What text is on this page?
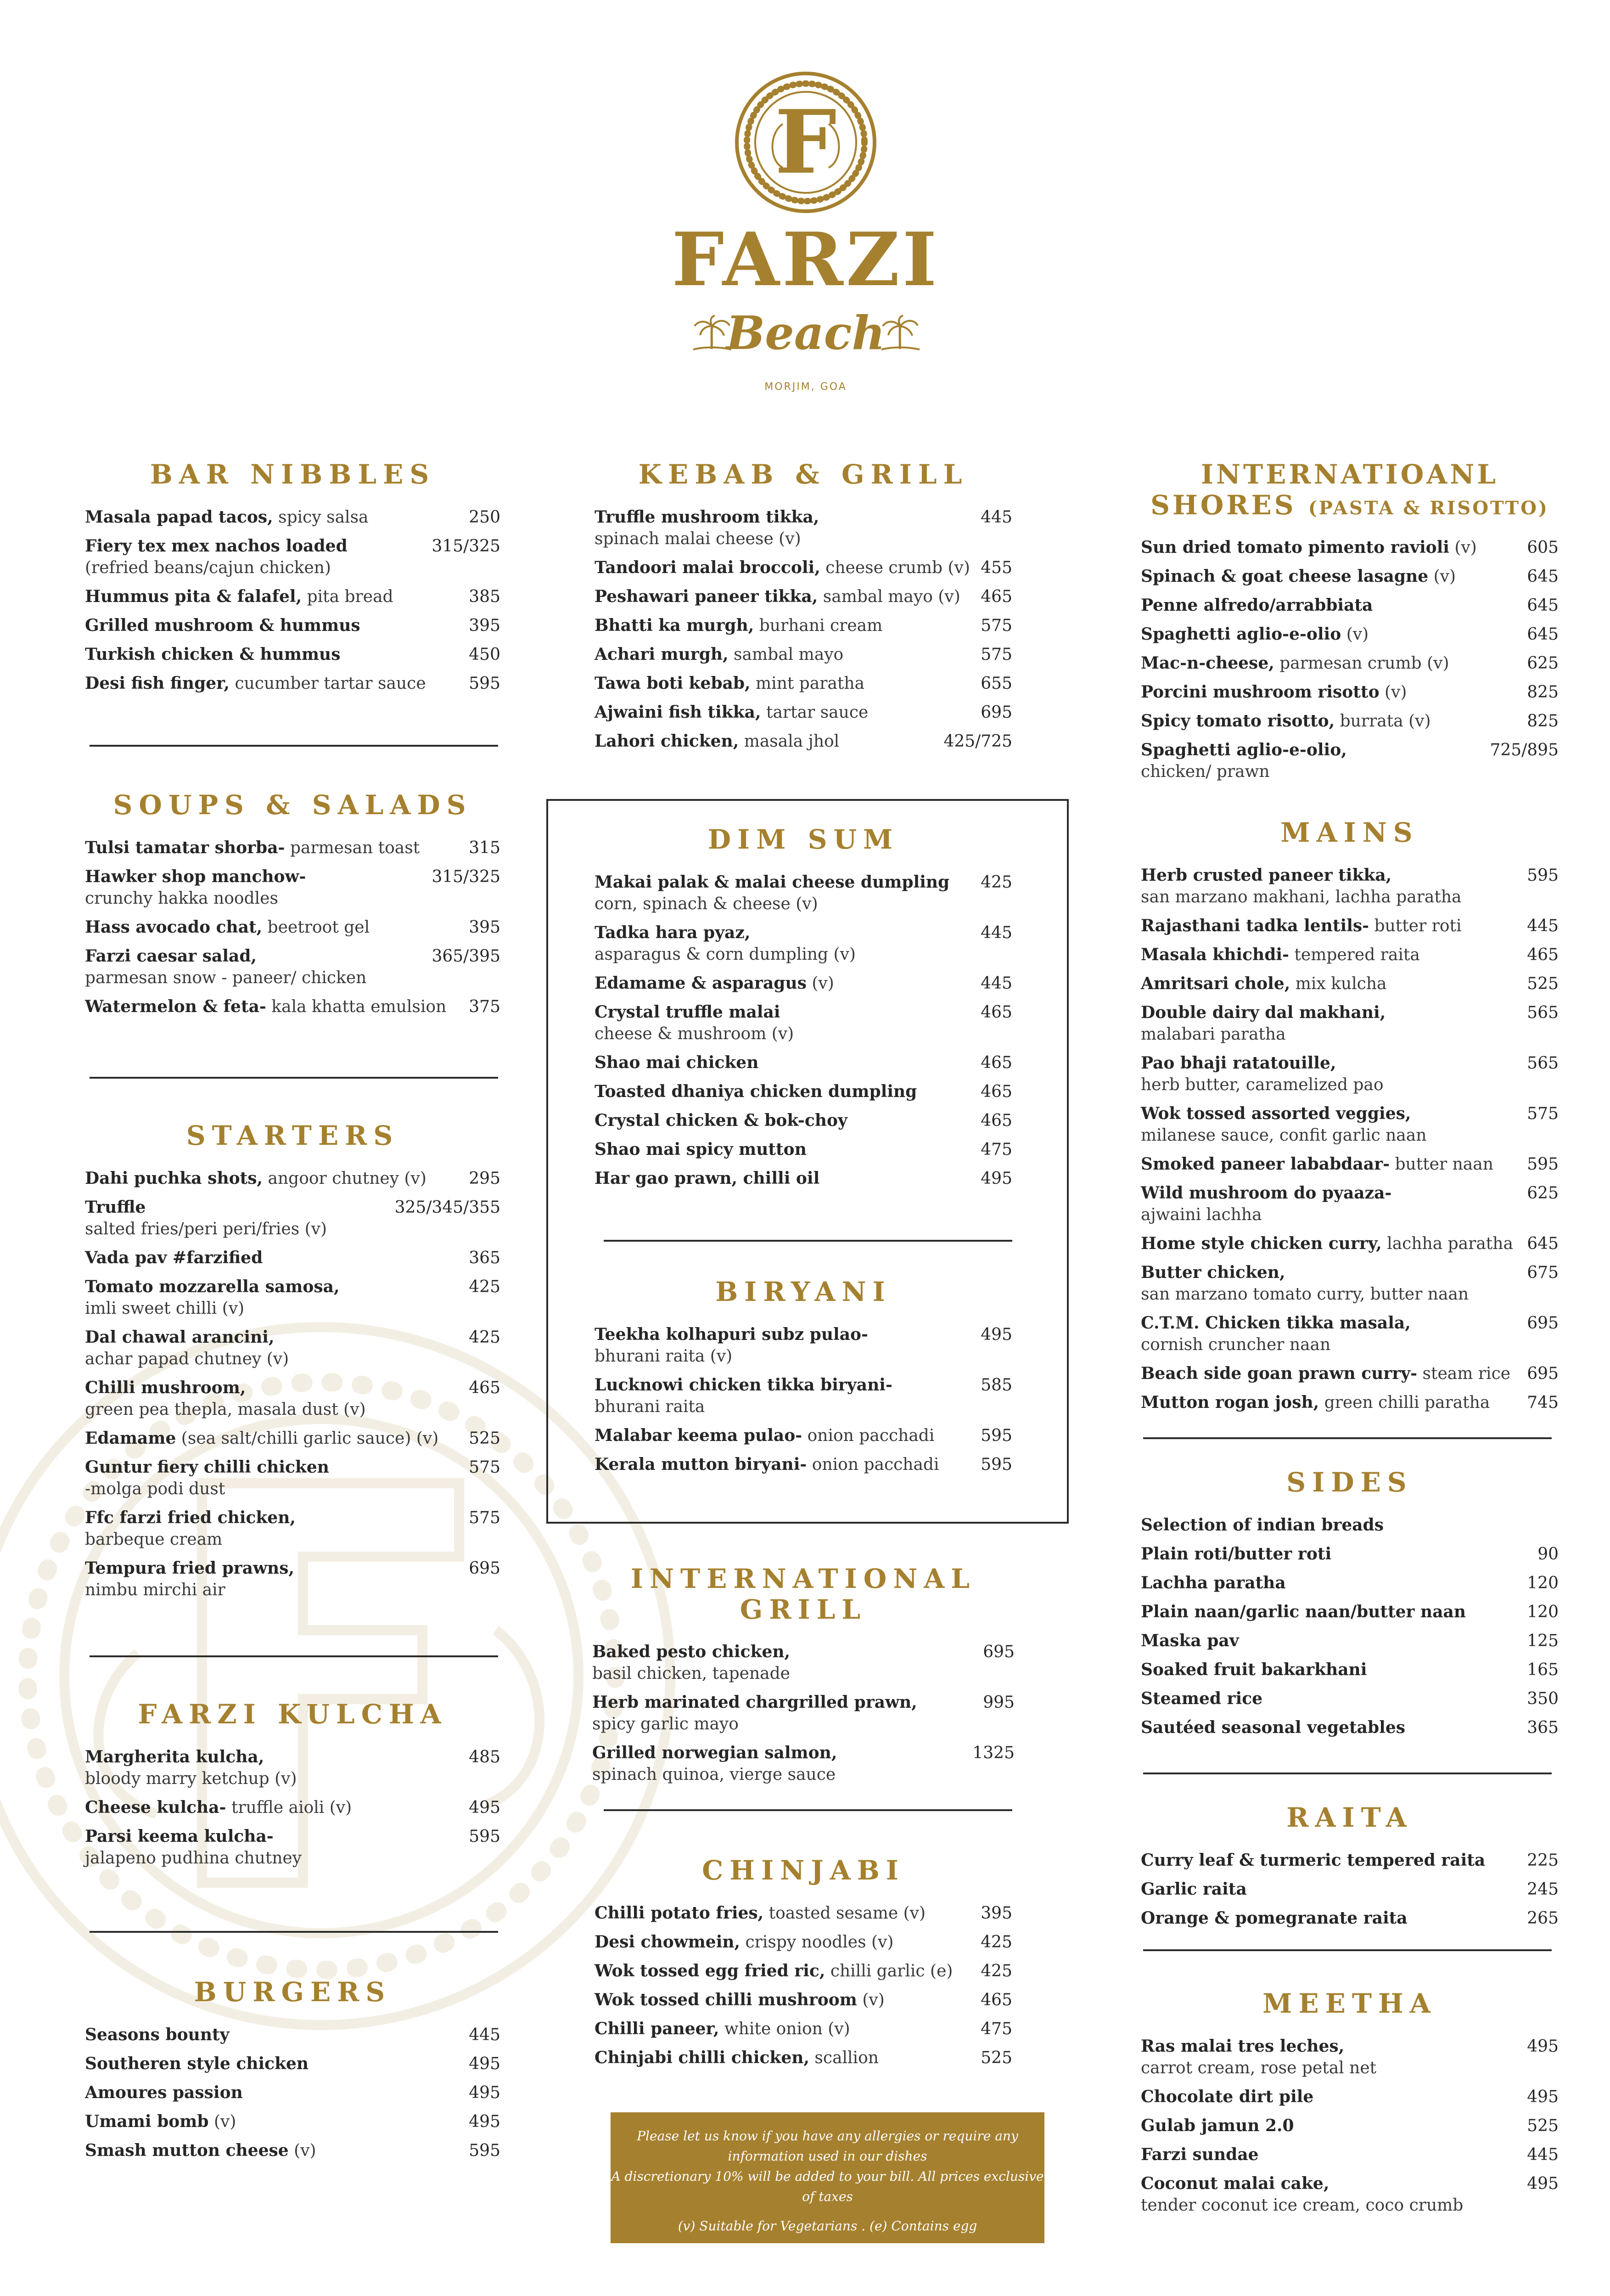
F
FARZI
Beach
MORJIM, GOA
BAR NIBBLES
Masala papad tacos, spicy salsa	250
Fiery tex mex nachos loaded
(refried beans/cajun chicken)
315/325
Hummus pita & falafel, pita bread	385
Grilled mushroom & hummus	395
Turkish chicken & hummus	450
Desi fish finger, cucumber tartar sauce	595
SOUPS & SALADS
Tulsi tamatar shorba- parmesan toast	315
Hawker shop manchow-
crunchy hakka noodles
315/325
Hass avocado chat, beetroot gel	395
Farzi caesar salad,
parmesan snow - paneer/ chicken
365/395
Watermelon & feta- kala khatta emulsion	375
STARTERS
Dahi puchka shots, angoor chutney (v)	295
Truffle
salted fries/peri peri/fries (v)
325/345/355
Vada pav #farzified	365
Tomato mozzarella samosa,
imli sweet chilli (v)
425
Dal chawal arancini,
achar papad chutney (v)
425
Chilli mushroom,
green pea thepla, masala dust (v)
465
Edamame (sea salt/chilli garlic sauce) (v)	525
Guntur fiery chilli chicken
-molga podi dust
575
Ffc farzi fried chicken,
barbeque cream
575
Tempura fried prawns,
nimbu mirchi air
695
FARZI KULCHA
Margherita kulcha,
bloody marry ketchup (v)
485
Cheese kulcha- truffle aioli (v)	495
Parsi keema kulcha-
jalapeno pudhina chutney
595
BURGERS
Seasons bounty	445
Southeren style chicken	495
Amoures passion	495
Umami bomb (v)	495
Smash mutton cheese (v)	595
KEBAB & GRILL
Truffle mushroom tikka,
spinach malai cheese (v)
445
Tandoori malai broccoli, cheese crumb (v) 455
Peshawari paneer tikka, sambal mayo (v)	465
Bhatti ka murgh, burhani cream	575
Achari murgh, sambal mayo	575
Tawa boti kebab, mint paratha	655
Ajwaini fish tikka, tartar sauce	695
Lahori chicken, masala jhol	425/725
DIM SUM
Makai palak & malai cheese dumpling
corn, spinach & cheese (v)
425
Tadka hara pyaz,
asparagus & corn dumpling (v)
445
Edamame & asparagus (v)	445
Crystal truffle malai
cheese & mushroom (v)
465
Shao mai chicken	465
Toasted dhaniya chicken dumpling	465
Crystal chicken & bok-choy	465
Shao mai spicy mutton	475
Har gao prawn, chilli oil	495
BIRYANI
Teekha kolhapuri subz pulao-
bhurani raita (v)
495
Lucknowi chicken tikka biryani-
bhurani raita
585
Malabar keema pulao- onion pacchadi	595
Kerala mutton biryani- onion pacchadi	595
INTERNATIONAL GRILL
Baked pesto chicken,
basil chicken, tapenade
695
Herb marinated chargrilled prawn,
spicy garlic mayo
995
Grilled norwegian salmon,
spinach quinoa, vierge sauce
1325
CHINJABI
Chilli potato fries, toasted sesame (v)	395
Desi chowmein, crispy noodles (v)	425
Wok tossed egg fried ric, chilli garlic (e)	425
Wok tossed chilli mushroom (v)	465
Chilli paneer, white onion (v)	475
Chinjabi chilli chicken, scallion	525
Please let us know if you have any allergies or require any
information used in our dishes
A discretionary 10% will be added to your bill. All prices exclusive of taxes
(v) Suitable for Vegetarians . (e) Contains egg
INTERNATIOANL
SHORES (PASTA & RISOTTO)
Sun dried tomato pimento ravioli (v)	605
Spinach & goat cheese lasagne (v)	645
Penne alfredo/arrabbiata	645
Spaghetti aglio-e-olio (v)	645
Mac-n-cheese, parmesan crumb (v)	625
Porcini mushroom risotto (v)	825
Spicy tomato risotto, burrata (v)	825
Spaghetti aglio-e-olio,
chicken/ prawn
725/895
MAINS
Herb crusted paneer tikka,
san marzano makhani, lachha paratha
595
Rajasthani tadka lentils- butter roti	445
Masala khichdi- tempered raita	465
Amritsari chole, mix kulcha	525
Double dairy dal makhani,
malabari paratha
565
Pao bhaji ratatouille,
herb butter, caramelized pao
565
Wok tossed assorted veggies,
milanese sauce, confit garlic naan
575
Smoked paneer lababdaar- butter naan	595
Wild mushroom do pyaaza-
ajwaini lachha
625
Home style chicken curry, lachha paratha 645
Butter chicken,
san marzano tomato curry, butter naan
675
C.T.M. Chicken tikka masala,
cornish cruncher naan
695
Beach side goan prawn curry- steam rice	695
Mutton rogan josh, green chilli paratha	745
SIDES
Selection of indian breads
Plain roti/butter roti	90
Lachha paratha	120
Plain naan/garlic naan/butter naan	120
Maska pav	125
Soaked fruit bakarkhani	165
Steamed rice	350
Sautéed seasonal vegetables	365
RAITA
Curry leaf & turmeric tempered raita	225
Garlic raita	245
Orange & pomegranate raita	265
MEETHA
Ras malai tres leches,
carrot cream, rose petal net
495
Chocolate dirt pile	495
Gulab jamun 2.0	525
Farzi sundae	445
Coconut malai cake,
tender coconut ice cream, coco crumb
495
